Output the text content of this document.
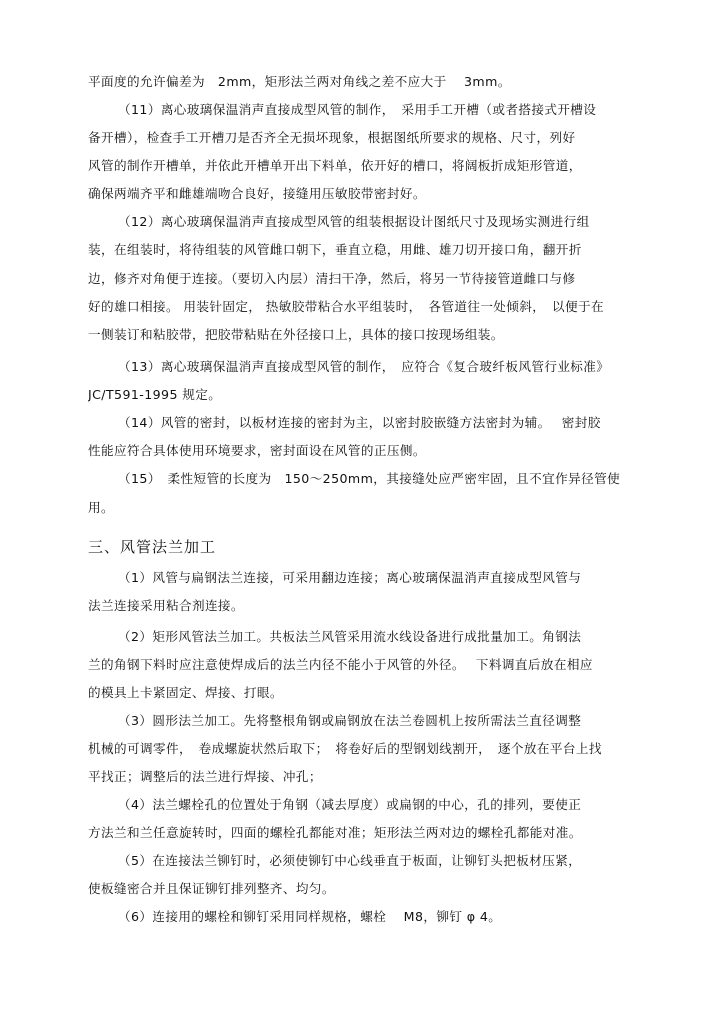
平面度的允许偏差为　2mm，矩形法兰两对角线之差不应大于　 3mm。
（11）离心玻璃保温消声直接成型风管的制作，　采用手工开槽（或者搭接式开槽设
备开槽），检查手工开槽刀是否齐全无损坏现象，根据图纸所要求的规格、尺寸，列好
风管的制作开槽单，并依此开槽单开出下料单，依开好的槽口，将阔板折成矩形管道，
确保两端齐平和雌雄端吻合良好，接缝用压敏胶带密封好。
（12）离心玻璃保温消声直接成型风管的组装根据设计图纸尺寸及现场实测进行组
装，在组装时，将待组装的风管雌口朝下，垂直立稳，用雌、雄刀切开接口角，翻开折
边，修齐对角便于连接。（要切入内层）清扫干净，然后，将另一节待接管道雌口与修
好的雄口相接。 用装针固定， 热敏胶带粘合水平组装时，　各管道往一处倾斜，　以便于在
一侧装订和粘胶带，把胶带粘贴在外径接口上，具体的接口按现场组装。
（13）离心玻璃保温消声直接成型风管的制作，　应符合《复合玻纤板风管行业标准》
JC/T591-1995 规定。
（14）风管的密封，以板材连接的密封为主，以密封胶嵌缝方法密封为辅。　 密封胶
性能应符合具体使用环境要求，密封面设在风管的正压侧。
（15）　柔性短管的长度为　150～250mm，其接缝处应严密牢固，且不宜作异径管使
用。
三、风管法兰加工
（1）风管与扁钢法兰连接，可采用翻边连接；离心玻璃保温消声直接成型风管与
法兰连接采用粘合剂连接。
（2）矩形风管法兰加工。共板法兰风管采用流水线设备进行成批量加工。角钢法
兰的角钢下料时应注意使焊成后的法兰内径不能小于风管的外径。　 下料调直后放在相应
的模具上卡紧固定、焊接、打眼。
（3）圆形法兰加工。先将整根角钢或扁钢放在法兰卷圆机上按所需法兰直径调整
机械的可调零件，　卷成螺旋状然后取下；　将卷好后的型钢划线割开，　逐个放在平台上找
平找正；调整后的法兰进行焊接、冲孔；
（4）法兰螺栓孔的位置处于角钢（减去厚度）或扁钢的中心，孔的排列，要使正
方法兰和兰任意旋转时，四面的螺栓孔都能对准；矩形法兰两对边的螺栓孔都能对准。
（5）在连接法兰铆钉时，必须使铆钉中心线垂直于板面，让铆钉头把板材压紧，
使板缝密合并且保证铆钉排列整齐、均匀。
（6）连接用的螺栓和铆钉采用同样规格，螺栓　 M8，铆钉 φ 4。
